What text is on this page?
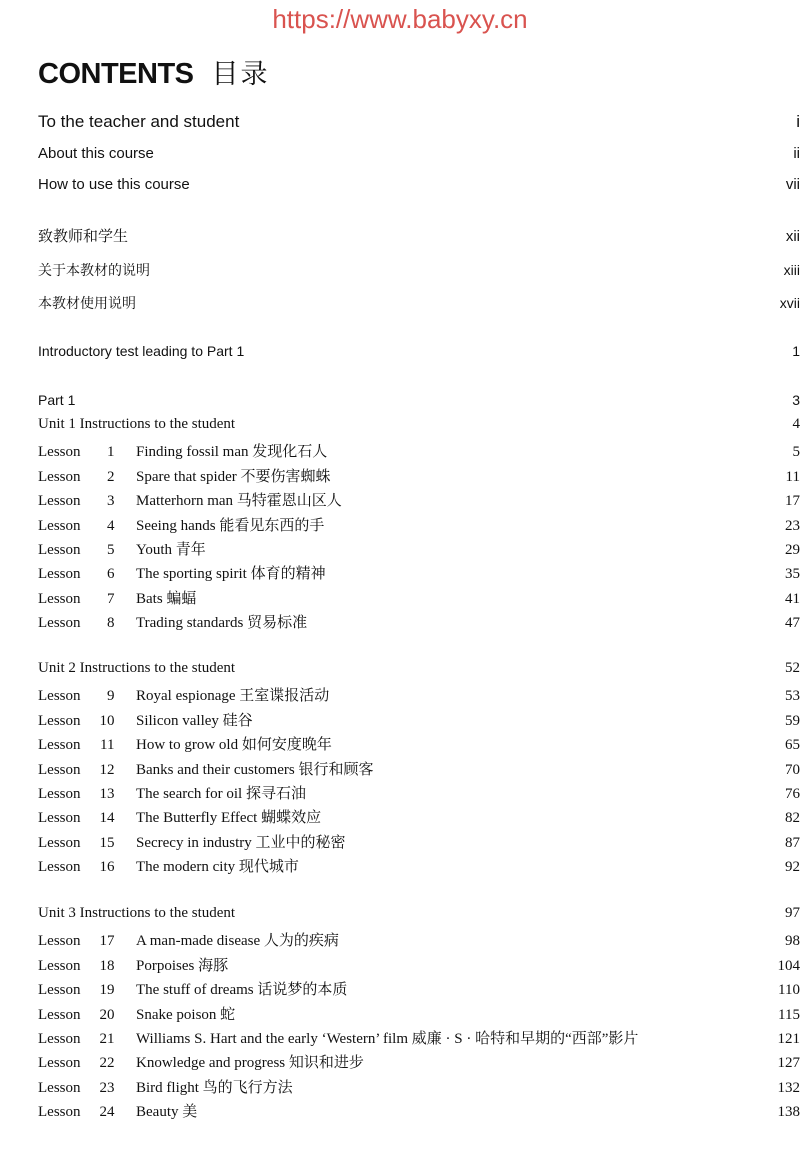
https://www.babyxy.cn
CONTENTS 目录
To the teacher and student	i
About this course	ii
How to use this course	vii
致教师和学生	xii
关于本教材的说明	xiii
本教材使用说明	xvii
Introductory test leading to Part 1	1
Part 1	3
Unit 1 Instructions to the student	4
Lesson 1	Finding fossil man 发现化石人	5
Lesson 2	Spare that spider 不要伤害蜘蛛	11
Lesson 3	Matterhorn man 马特霍恩山区人	17
Lesson 4	Seeing hands 能看见东西的手	23
Lesson 5	Youth 青年	29
Lesson 6	The sporting spirit 体育的精神	35
Lesson 7	Bats 蝙蝠	41
Lesson 8	Trading standards 贸易标准	47
Unit 2 Instructions to the student	52
Lesson 9	Royal espionage 王室谍报活动	53
Lesson 10	Silicon valley 硅谷	59
Lesson 11	How to grow old 如何安度晚年	65
Lesson 12	Banks and their customers 银行和顾客	70
Lesson 13	The search for oil 探寻石油	76
Lesson 14	The Butterfly Effect 蝴蝶效应	82
Lesson 15	Secrecy in industry 工业中的秘密	87
Lesson 16	The modern city 现代城市	92
Unit 3 Instructions to the student	97
Lesson 17	A man-made disease 人为的疾病	98
Lesson 18	Porpoises 海豚	104
Lesson 19	The stuff of dreams 话说梦的本质	110
Lesson 20	Snake poison 蛇	115
Lesson 21	Williams S. Hart and the early ‘Western’ film 威廉 · S · 哈特和早期的“西部”影片	121
Lesson 22	Knowledge and progress 知识和进步	127
Lesson 23	Bird flight 鸟的飞行方法	132
Lesson 24	Beauty 美	138
